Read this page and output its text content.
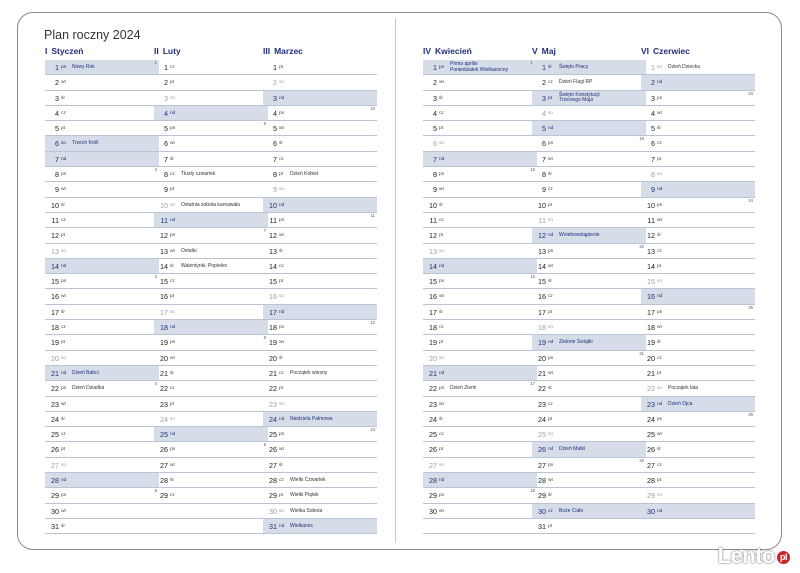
Plan roczny 2024
I Styczeń
1 pn Nowy Rok
1
2 wt
3 śr
4 cz
5 pt
6 so Trzech Króli
7 nd
8 pn
2
9 wt
10 śr
11 cz
12 pt
13 so
14 nd
15 pn
3
16 wt
17 śr
18 cz
19 pt
20 so
21 nd Dzień Babci
22 pn Dzień Dziadka
4
23 wt
24 śr
25 cz
26 pt
27 so
28 nd
29 pn
5
30 wt
31 śr
II Luty
1 cz
2 pt
3 so
4 nd
5 pn
6
6 wt
7 śr
8 cz Tłusty czwartek
9 pt
10 so Ostatnia sobota karnawału
11 nd
12 pn
7
13 wt Ostatki
14 śr Walentynki, Popielec
15 cz
16 pt
17 so
18 nd
19 pn
8
20 wt
21 śr
22 cz
23 pt
24 so
25 nd
26 pn
9
27 wt
28 śr
29 cz
III Marzec
1 pt
2 so
3 nd
4 pn
10
5 wt
6 śr
7 cz
8 pt Dzień Kobiet
9 so
10 nd
11 pn
11
12 wt
13 śr
14 cz
15 pt
16 so
17 nd
18 pn
12
19 wt
20 śr
21 cz Początek wiosny
22 pt
23 so
24 nd Niedziela Palmowa
25 pn
13
26 wt
27 śr
28 cz Wielki Czwartek
29 pt Wielki Piątek
30 so Wielka Sobota
31 nd Wielkanoc
IV Kwiecień
1 pnPrima aprilis
Poniedziałek Wielkanocny
2 wt
3 śr
4 cz
5 pt
6 so
7 nd
8 pn
15
9 wt
10 śr
11 cz
12 pt
13 so
14 nd
15 pn
16
16 wt
17 śr
18 cz
19 pt
20 so
21 nd
22 pn Dzień Ziemi
17
23 wt
24 śr
25 cz
26 pt
27 so
28 nd
29 pn
18
30 wt
V Maj
1 śr Święto Pracy
2 cz Dzień Flagi RP
3 ptŚwięto Konstytucji
Trzeciego Maja
4 so
5 nd
6 pn
19
7 wt
8 śr
9 cz
10 pt
11 so
12 nd Wniebowstąpienie
13 pn
20
14 wt
15 śr
16 cz
17 pt
18 so
19 nd Zielone Świątki
20 pn
21
21 wt
22 śr
23 cz
24 pt
25 so
26 nd Dzień Matki
27 pn
22
28 wt
29 śr
30 cz Boże Ciało
31 pt
VI Czerwiec
1 so Dzień Dziecka
2 nd
3 pn
23
4 wt
5 śr
6 cz
7 pt
8 so
9 nd
10 pn
24
11 wt
12 śr
13 cz
14 pt
15 so
16 nd
17 pn
25
18 wt
19 śr
20 cz
21 pt
22 so Początek lata
23 nd Dzień Ojca
24 pn
26
25 wt
26 śr
27 cz
28 pt
29 so
30 nd
Lento pl
